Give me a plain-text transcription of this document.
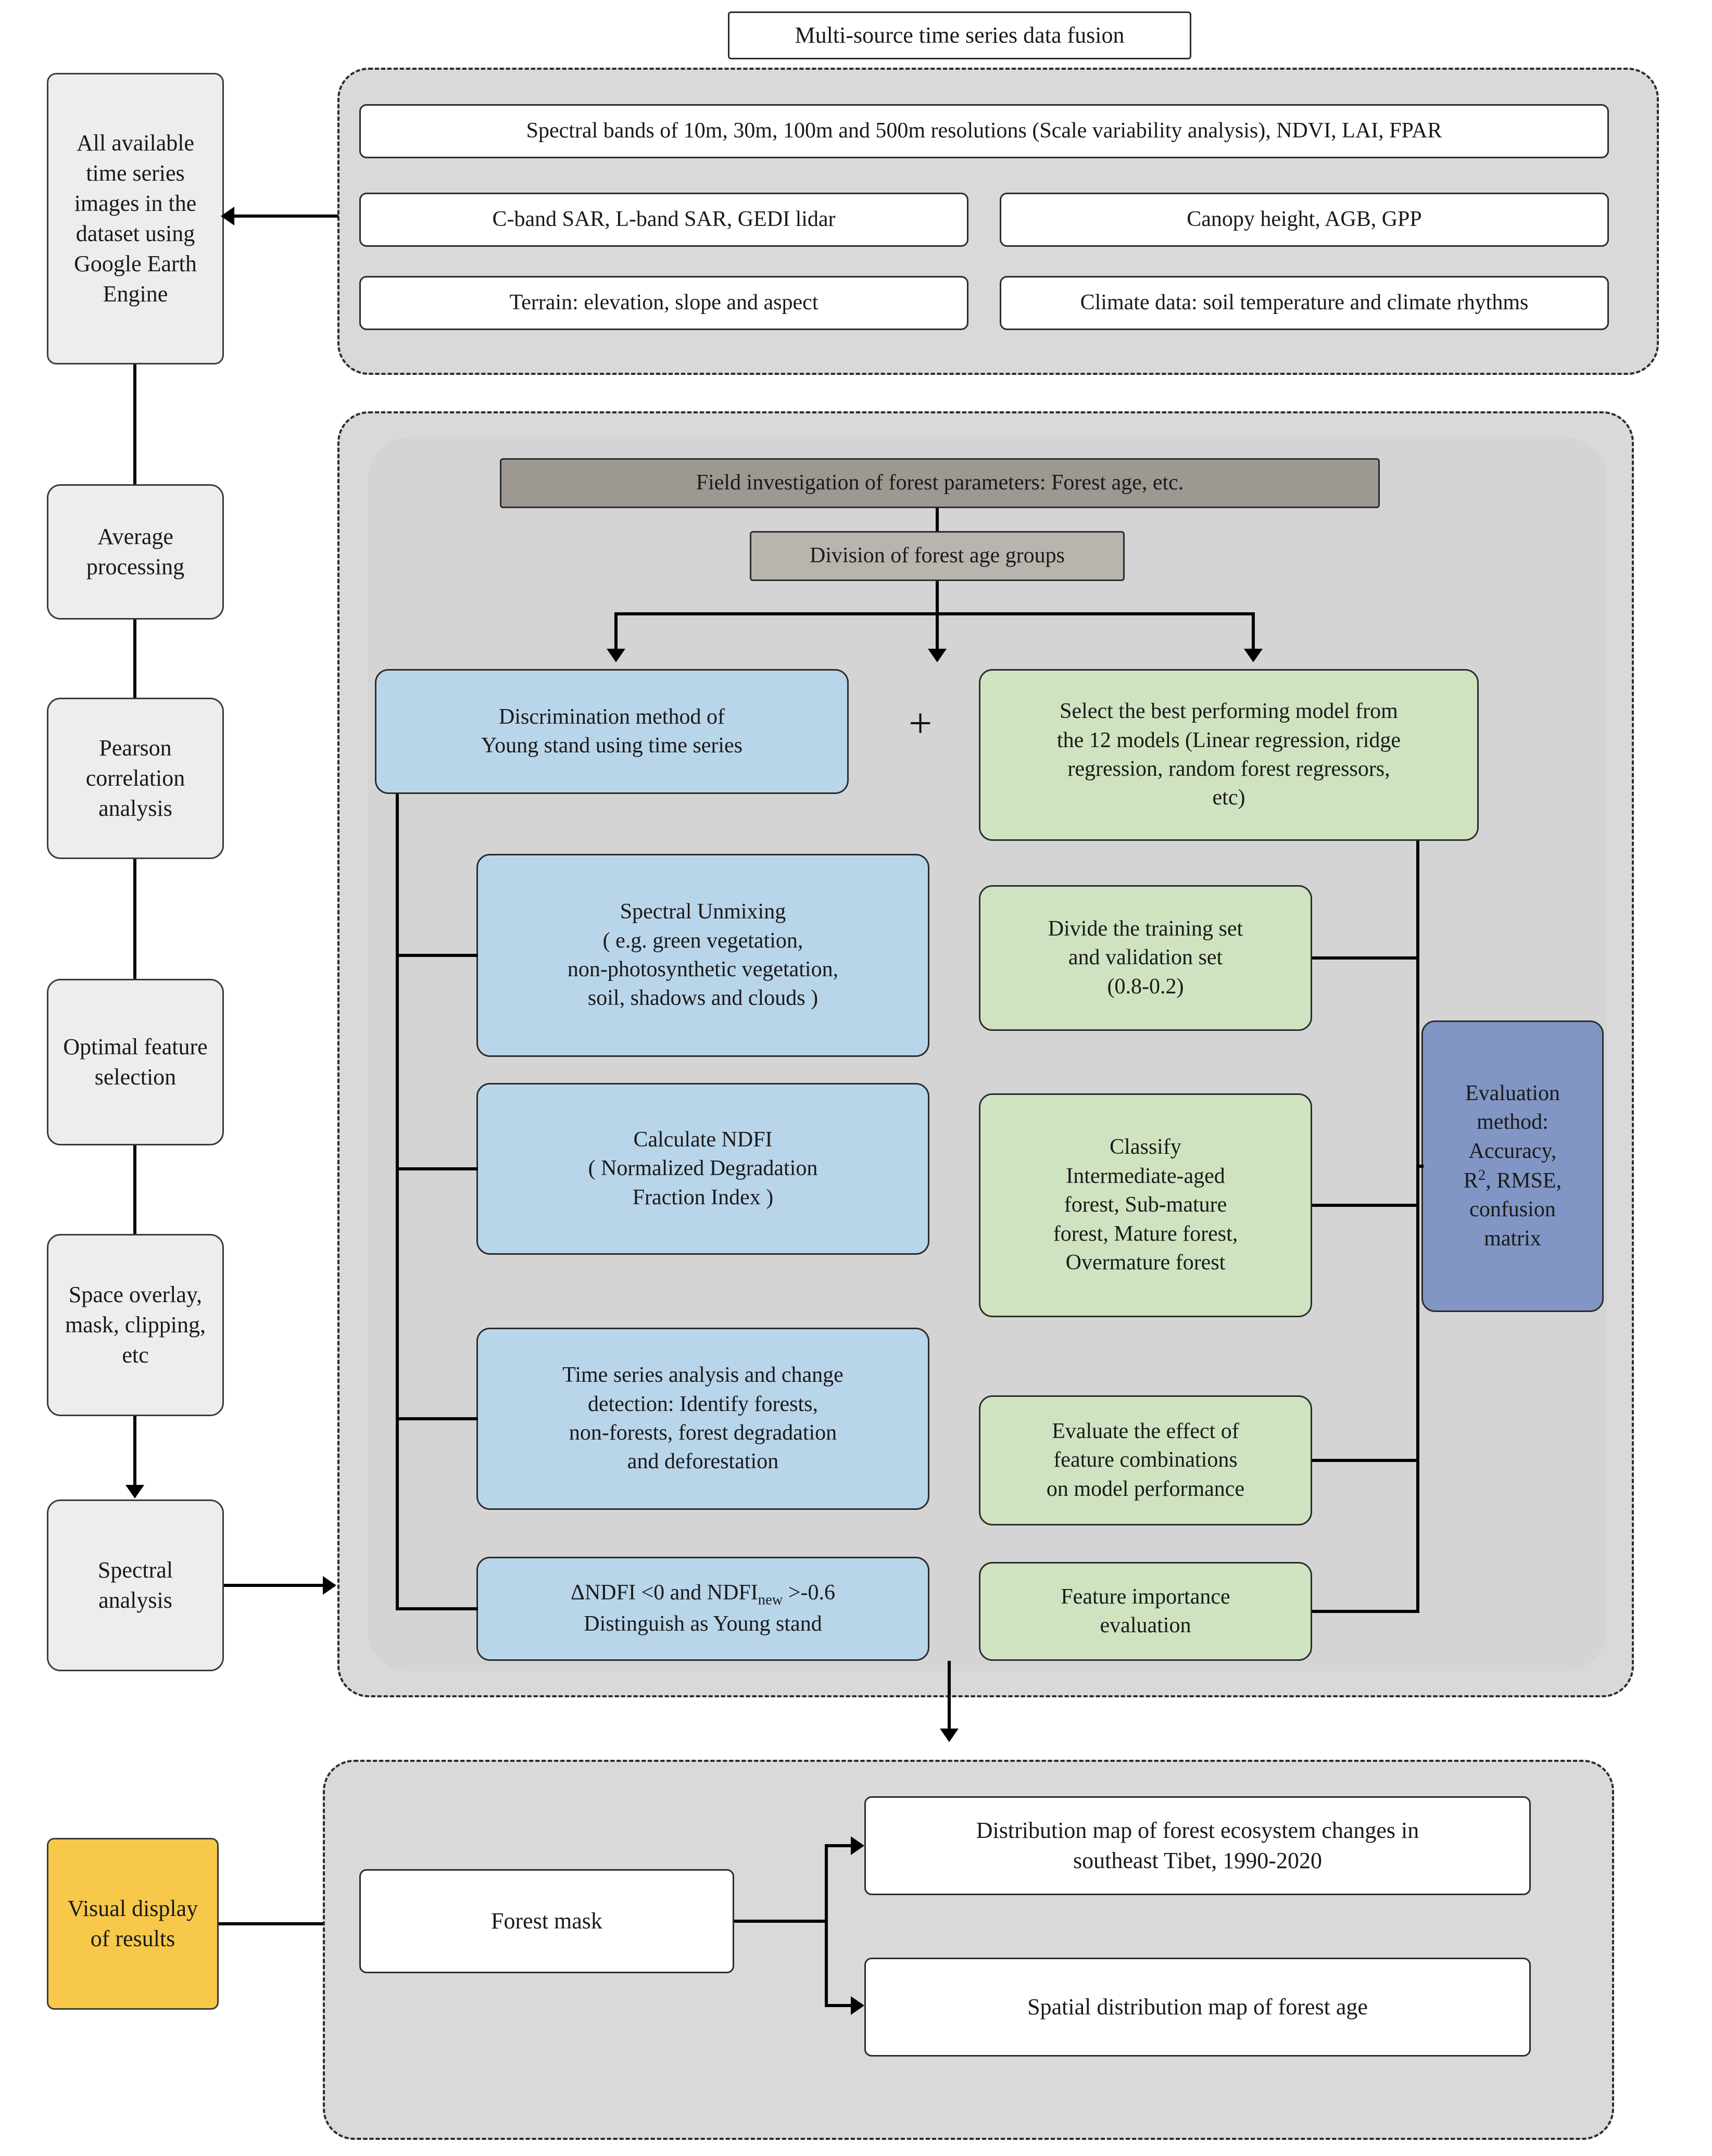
Multi-source time series data fusion
Spectral bands of 10m, 30m, 100m and 500m resolutions (Scale variability analysis), NDVI, LAI, FPAR
C-band SAR, L-band SAR, GEDI lidar	Canopy height, AGB, GPP
Terrain: elevation, slope and aspect	Climate data: soil temperature and climate rhythms
All available time series images in the dataset using Google Earth Engine
Average processing
Pearson correlation analysis
Optimal feature selection
Space overlay, mask, clipping, etc
Spectral analysis
Visual display of results
Field investigation of forest parameters: Forest age, etc.
Division of forest age groups
+
Discrimination method of
Young stand using time series
Spectral Unmixing
( e.g. green vegetation,
non-photosynthetic vegetation,
soil, shadows and clouds )
Calculate NDFI
( Normalized Degradation
Fraction Index )
Time series analysis and change
detection: Identify forests,
non-forests, forest degradation
and deforestation
ΔNDFI <0 and $NDFI_{new} >-0.6$
Distinguish as Young stand
Select the best performing model from
the 12 models (Linear regression, ridge
regression, random forest regressors,
etc)
Divide the training set
and validation set
(0.8-0.2)
Classify
Intermediate-aged
forest, Sub-mature
forest, Mature forest,
Overmature forest
Evaluate the effect of
feature combinations
on model performance
Feature importance
evaluation
Evaluation
method:
Accuracy,
$R^2$, RMSE,
confusion
matrix
Forest mask
Distribution map of forest ecosystem changes in
southeast Tibet, 1990-2020
Spatial distribution map of forest age
